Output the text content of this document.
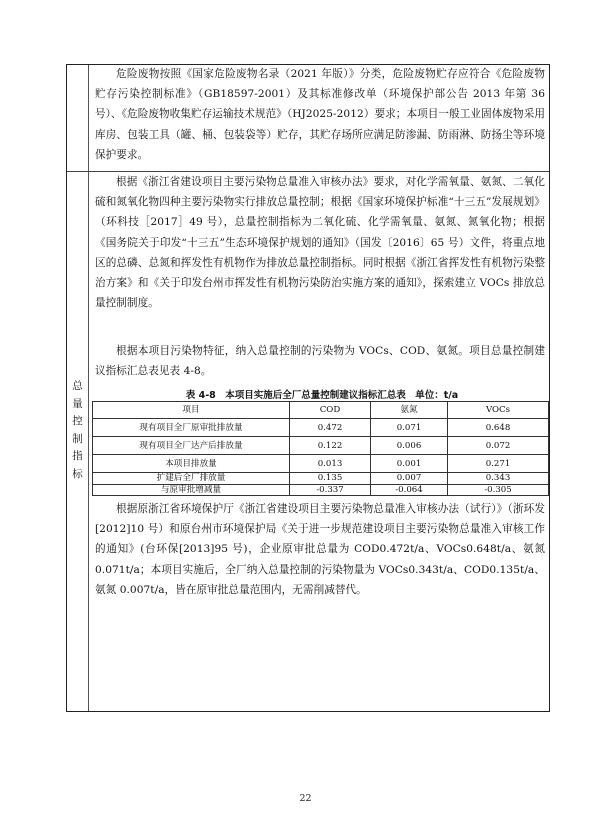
危险废物按照《国家危险废物名录（2021 年版）》分类，危险废物贮存应符合《危险废物贮存污染控制标准》（GB18597-2001）及其标准修改单（环境保护部公告 2013 年第 36 号）、《危险废物收集贮存运输技术规范》（HJ2025-2012）要求；本项目一般工业固体废物采用库房、包装工具（罐、桶、包装袋等）贮存，其贮存场所应满足防渗漏、防雨淋、防扬尘等环境保护要求。

总
量
控
制
指
标

根据《浙江省建设项目主要污染物总量准入审核办法》要求，对化学需氧量、氨氮、二氧化硫和氮氧化物四种主要污染物实行排放总量控制；根据《国家环境保护标准“十三五”发展规划》（环科技［2017］49 号），总量控制指标为二氧化硫、化学需氧量、氨氮、氮氧化物；根据《国务院关于印发“十三五”生态环境保护规划的通知》（国发〔2016〕65 号）文件，将重点地区的总磷、总氮和挥发性有机物作为排放总量控制指标。同时根据《浙江省挥发性有机物污染整治方案》和《关于印发台州市挥发性有机物污染防治实施方案的通知》，探索建立 VOCs 排放总量控制制度。

根据本项目污染物特征，纳入总量控制的污染物为 VOCs、COD、氨氮。项目总量控制建议指标汇总表见表 4-8。

表 4-8　本项目实施后全厂总量控制建议指标汇总表　单位：t/a
项目	COD	氨氮	VOCs
现有项目全厂原审批排放量	0.472	0.071	0.648
现有项目全厂达产后排放量	0.122	0.006	0.072
本项目排放量	0.013	0.001	0.271
扩建后全厂排放量	0.135	0.007	0.343
与原审批增减量	-0.337	-0.064	-0.305

根据原浙江省环境保护厅《浙江省建设项目主要污染物总量准入审核办法（试行）》（浙环发[2012]10 号）和原台州市环境保护局《关于进一步规范建设项目主要污染物总量准入审核工作的通知》(台环保[2013]95 号)，企业原审批总量为 COD0.472t/a、VOCs0.648t/a、氨氮 0.071t/a；本项目实施后，全厂纳入总量控制的污染物量为 VOCs0.343t/a、COD0.135t/a、氨氮 0.007t/a，皆在原审批总量范围内，无需削减替代。

22
